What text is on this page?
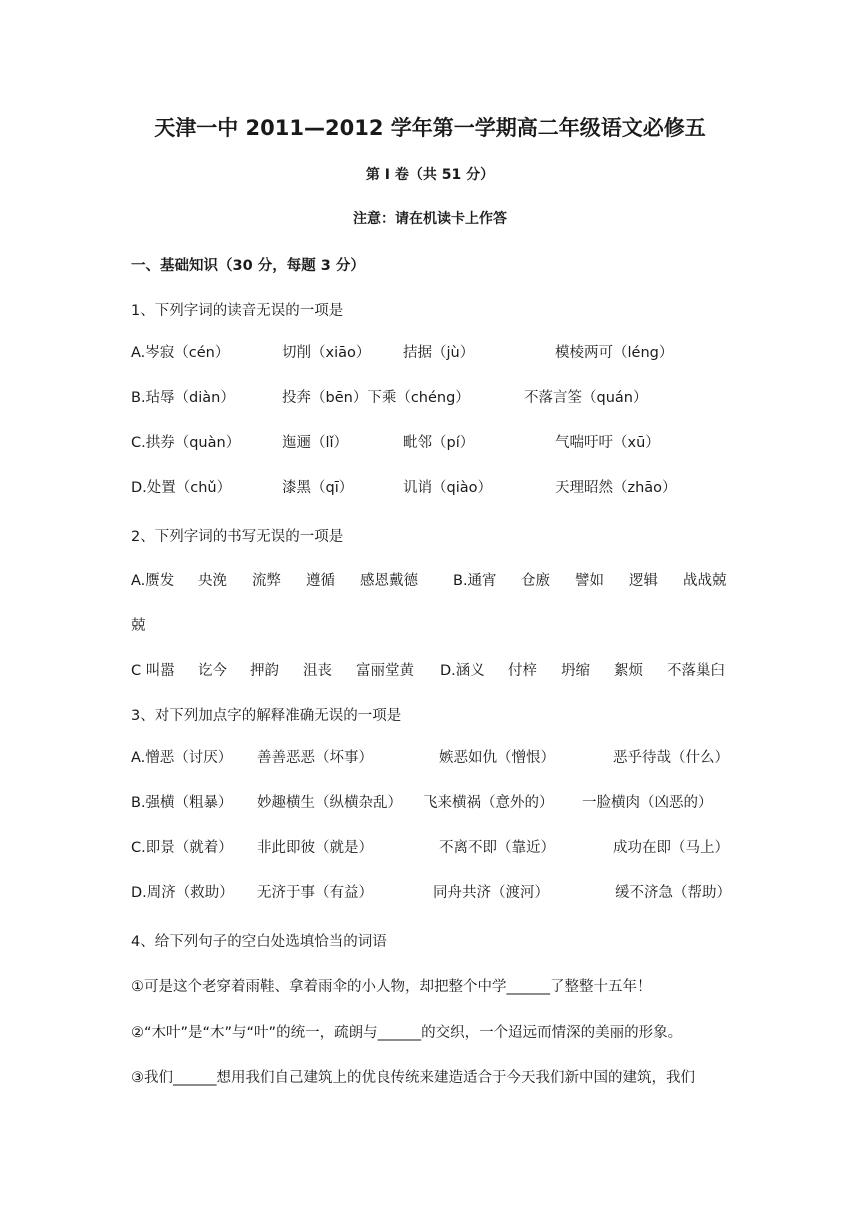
天津一中 2011—2012 学年第一学期高二年级语文必修五
第 I 卷（共 51 分）
注意：请在机读卡上作答
一、基础知识（30 分，每题 3 分）
1、下列字词的读音无误的一项是
A.岑寂（cén）	切削（xiāo） 拮据（jù）	模棱两可（léng）
B.玷辱（diàn）	投奔（bēn）下乘（chéng）	不落言筌（quán）
C.拱券（quàn）	迤逦（lǐ）	毗邻（pí）	气喘吁吁（xū）
D.处置（chǔ）	漆黑（qī）	讥诮（qiào）	天理昭然（zhāo）
2、下列字词的书写无误的一项是
A.赝发 央浼 流弊 遵循 感恩戴德 B.通宵 仓廒 譬如 逻辑 战战兢
兢
C 叫嚣 讫今 押韵 沮丧 富丽堂黄 D.涵义 付梓 坍缩 絮烦 不落巢臼
3、对下列加点字的解释准确无误的一项是
A.憎恶（讨厌） 善善恶恶（坏事）	嫉恶如仇（憎恨）	恶乎待哉（什么）
B.强横（粗暴） 妙趣横生（纵横杂乱） 飞来横祸（意外的） 一脸横肉（凶恶的）
C.即景（就着） 非此即彼（就是）	不离不即（靠近）	成功在即（马上）
D.周济（救助） 无济于事（有益）	同舟共济（渡河）	缓不济急（帮助）
4、给下列句子的空白处选填恰当的词语
①可是这个老穿着雨鞋、拿着雨伞的小人物，却把整个中学______了整整十五年！
②“木叶”是“木”与“叶”的统一，疏朗与______的交织，一个迢远而情深的美丽的形象。
③我们______想用我们自己建筑上的优良传统来建造适合于今天我们新中国的建筑，我们
